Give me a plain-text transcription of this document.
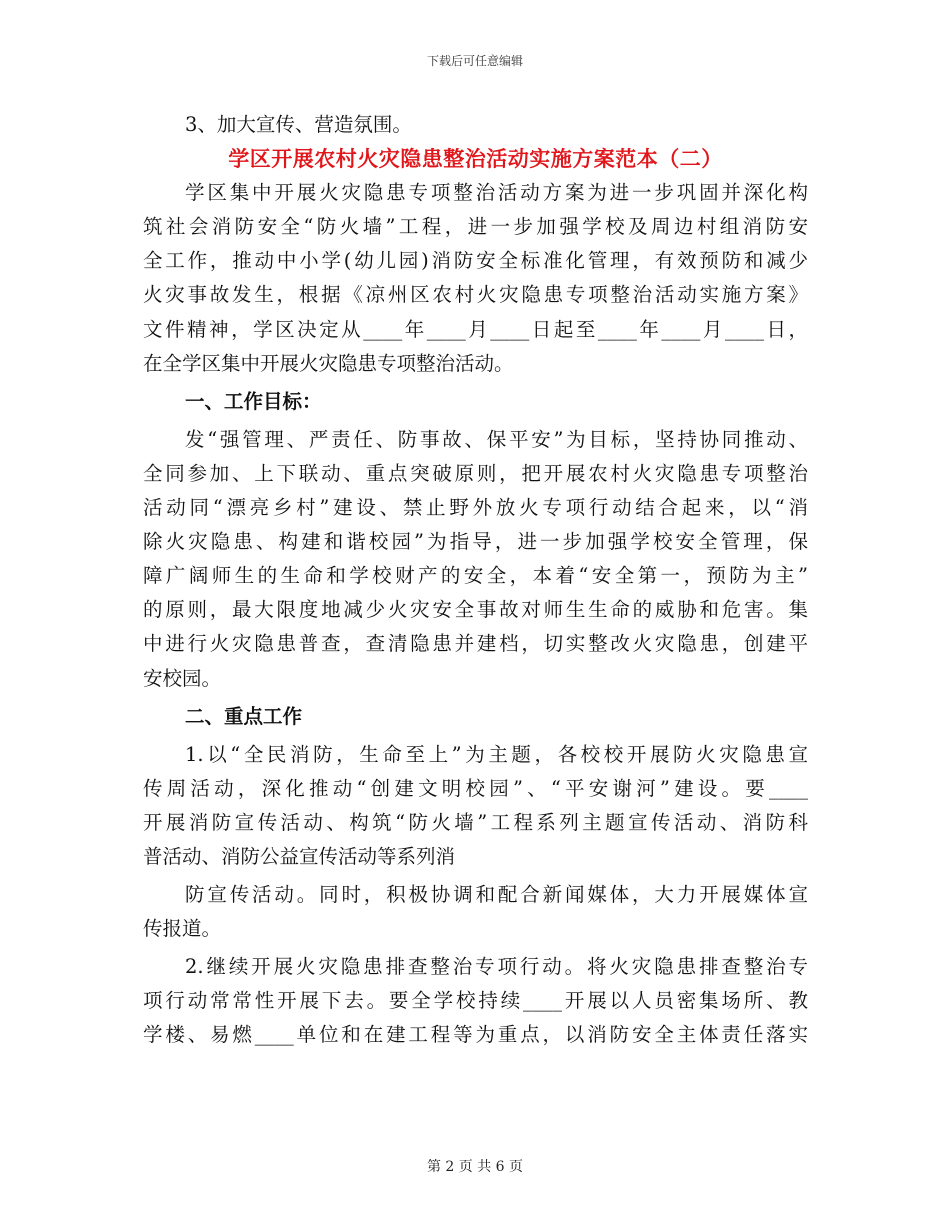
下载后可任意编辑
3、加大宣传、营造氛围。
学区开展农村火灾隐患整治活动实施方案范本（二）
学区集中开展火灾隐患专项整治活动方案为进一步巩固并深化构
筑社会消防安全“防火墙”工程，进一步加强学校及周边村组消防安
全工作，推动中小学(幼儿园)消防安全标准化管理，有效预防和减少
火灾事故发生，根据《凉州区农村火灾隐患专项整治活动实施方案》
文件精神，学区决定从____年____月____日起至____年____月____日，
在全学区集中开展火灾隐患专项整治活动。
一、工作目标：
发“强管理、严责任、防事故、保平安”为目标，坚持协同推动、
全同参加、上下联动、重点突破原则，把开展农村火灾隐患专项整治
活动同“漂亮乡村”建设、禁止野外放火专项行动结合起来，以“消
除火灾隐患、构建和谐校园”为指导，进一步加强学校安全管理，保
障广阔师生的生命和学校财产的安全，本着“安全第一，预防为主”
的原则，最大限度地减少火灾安全事故对师生生命的威胁和危害。集
中进行火灾隐患普查，查清隐患并建档，切实整改火灾隐患，创建平
安校园。
二、重点工作
1.以“全民消防，生命至上”为主题，各校校开展防火灾隐患宣
传周活动，深化推动“创建文明校园”、“平安谢河”建设。要____
开展消防宣传活动、构筑“防火墙”工程系列主题宣传活动、消防科
普活动、消防公益宣传活动等系列消
防宣传活动。同时，积极协调和配合新闻媒体，大力开展媒体宣
传报道。
2.继续开展火灾隐患排查整治专项行动。将火灾隐患排查整治专
项行动常常性开展下去。要全学校持续____开展以人员密集场所、教
学楼、易燃____单位和在建工程等为重点，以消防安全主体责任落实
第 2 页 共 6 页
